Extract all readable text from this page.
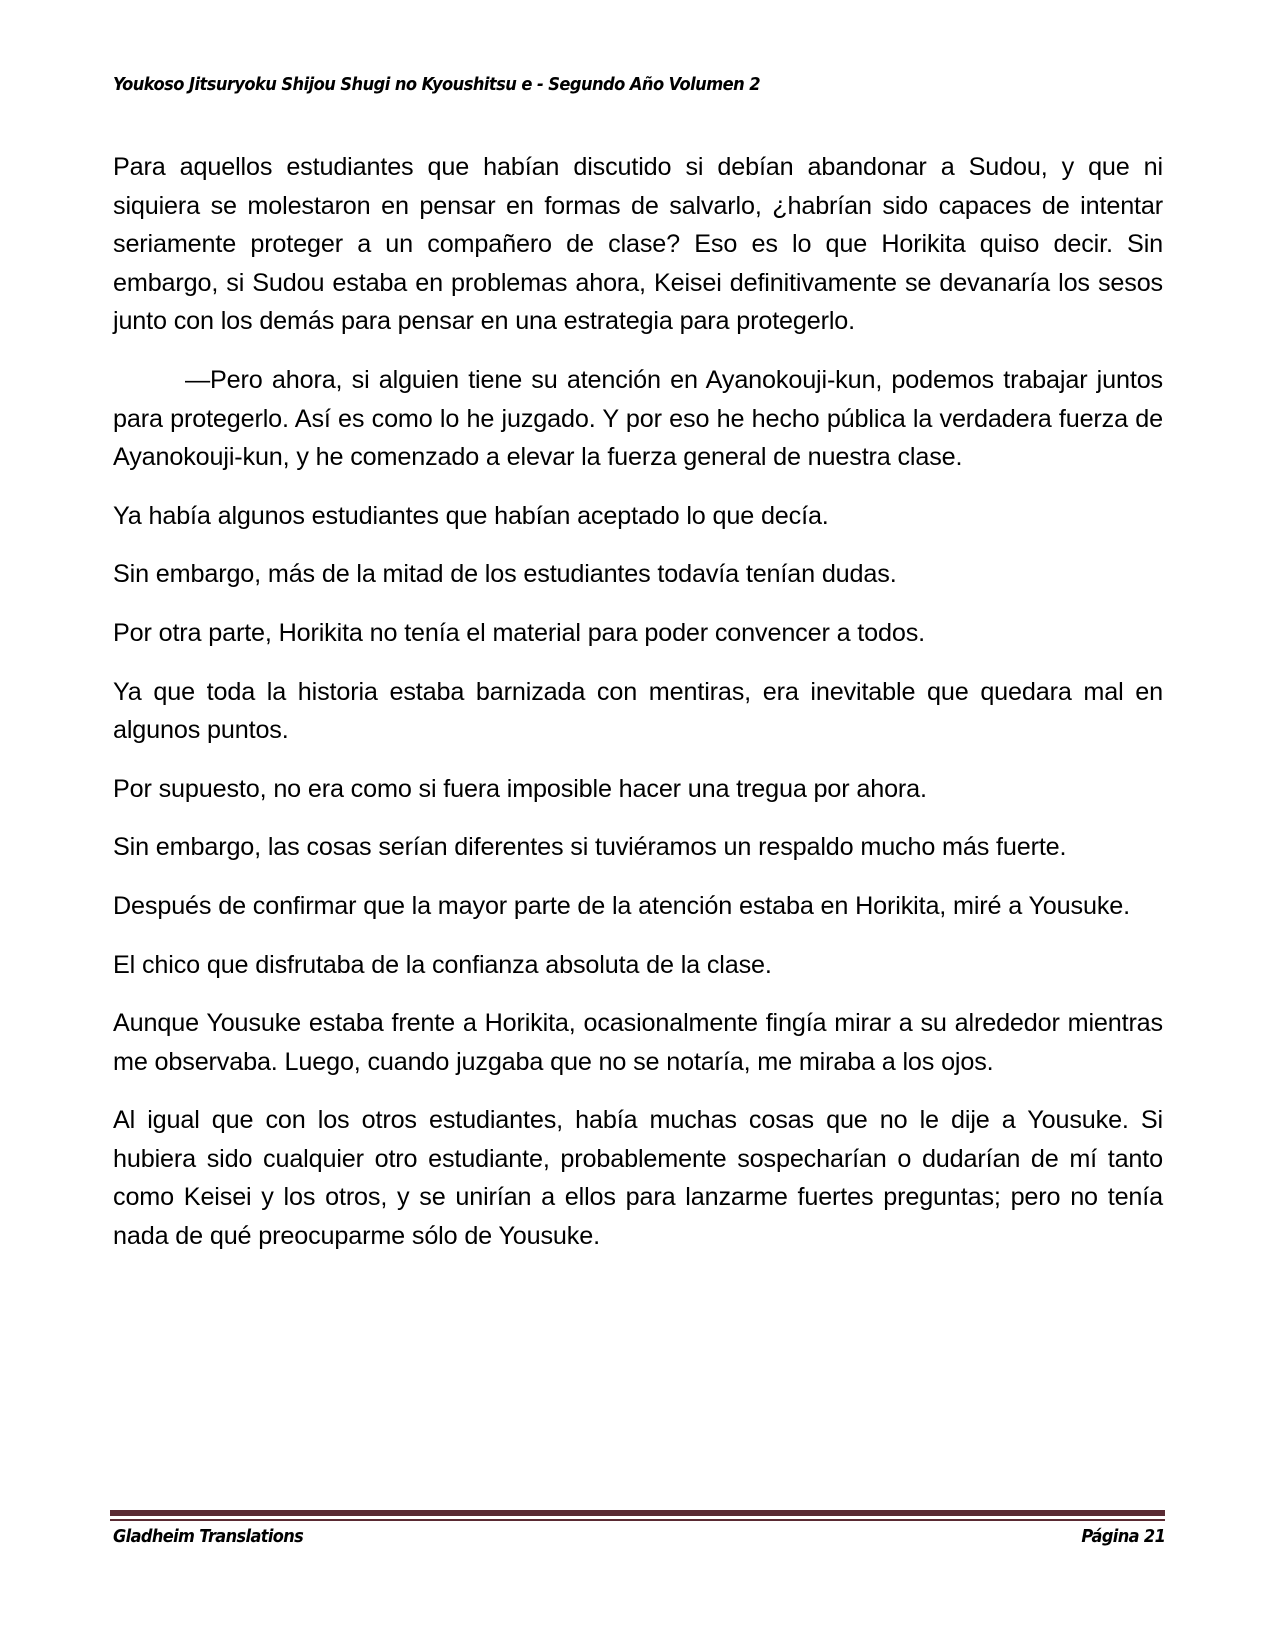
Youkoso Jitsuryoku Shijou Shugi no Kyoushitsu e - Segundo Año Volumen 2

Para aquellos estudiantes que habían discutido si debían abandonar a Sudou, y que ni siquiera se molestaron en pensar en formas de salvarlo, ¿habrían sido capaces de intentar seriamente proteger a un compañero de clase? Eso es lo que Horikita quiso decir. Sin embargo, si Sudou estaba en problemas ahora, Keisei definitivamente se devanaría los sesos junto con los demás para pensar en una estrategia para protegerlo.

—Pero ahora, si alguien tiene su atención en Ayanokouji-kun, podemos trabajar juntos para protegerlo. Así es como lo he juzgado. Y por eso he hecho pública la verdadera fuerza de Ayanokouji-kun, y he comenzado a elevar la fuerza general de nuestra clase.

Ya había algunos estudiantes que habían aceptado lo que decía.

Sin embargo, más de la mitad de los estudiantes todavía tenían dudas.

Por otra parte, Horikita no tenía el material para poder convencer a todos.

Ya que toda la historia estaba barnizada con mentiras, era inevitable que quedara mal en algunos puntos.

Por supuesto, no era como si fuera imposible hacer una tregua por ahora.

Sin embargo, las cosas serían diferentes si tuviéramos un respaldo mucho más fuerte.

Después de confirmar que la mayor parte de la atención estaba en Horikita, miré a Yousuke.

El chico que disfrutaba de la confianza absoluta de la clase.

Aunque Yousuke estaba frente a Horikita, ocasionalmente fingía mirar a su alrededor mientras me observaba. Luego, cuando juzgaba que no se notaría, me miraba a los ojos.

Al igual que con los otros estudiantes, había muchas cosas que no le dije a Yousuke. Si hubiera sido cualquier otro estudiante, probablemente sospecharían o dudarían de mí tanto como Keisei y los otros, y se unirían a ellos para lanzarme fuertes preguntas; pero no tenía nada de qué preocuparme sólo de Yousuke.

Gladheim Translations	Página 21
